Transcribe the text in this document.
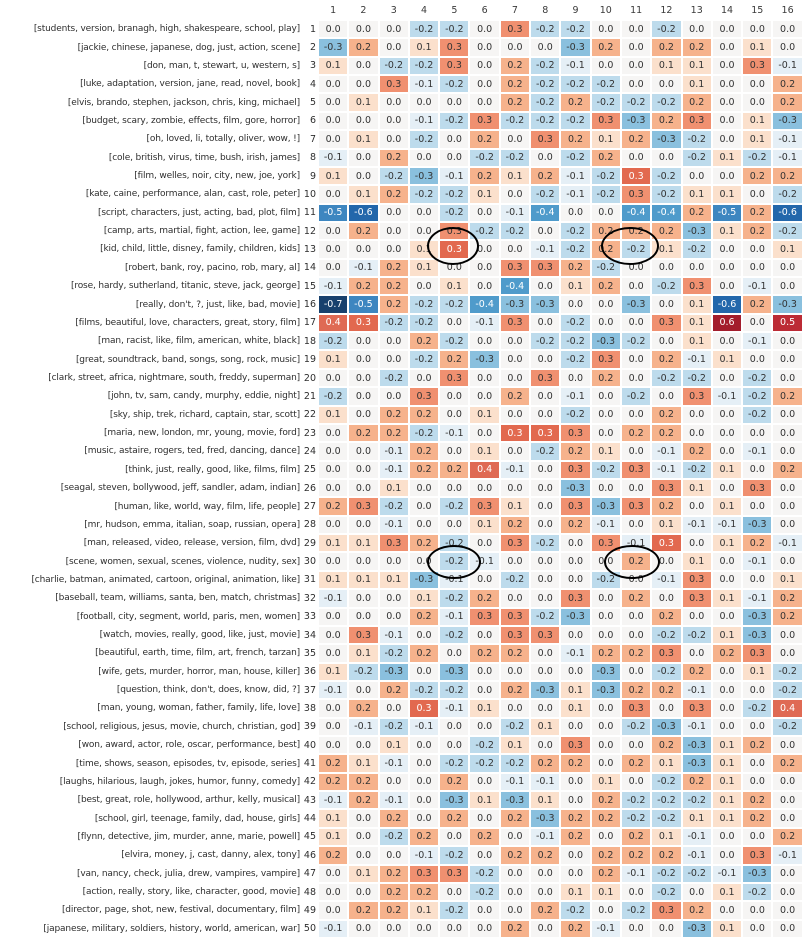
1	2	3	4	5	6	7	8	9	10	11	12	13	14	15	16
[students, version, branagh, high, shakespeare, school, play]	1	0.0	0.0	0.0	-0.2	-0.2	0.0	0.3	-0.2	-0.2	0.0	0.0	-0.2	0.0	0.0	0.0	0.0
[jackie, chinese, japanese, dog, just, action, scene]	2 -0.3	0.2	0.0	0.1	0.3	0.0	0.0	0.0	-0.3	0.2	0.0	0.2	0.2	0.0	0.1	0.0
[don, man, t, stewart, u, western, s]	3	0.1	0.0	-0.2	-0.2	0.3	0.0	0.2	-0.2	-0.1	0.0	0.0	0.1	0.1	0.0	0.3	-0.1
[luke, adaptation, version, jane, read, novel, book]	4	0.0	0.0	0.3	-0.1	-0.2	0.0	0.2	-0.2	-0.2	-0.2	0.0	0.0	0.1	0.0	0.0	0.2
[elvis, brando, stephen, jackson, chris, king, michael]	5	0.0	0.1	0.0	0.0	0.0	0.0	0.2	-0.2	0.2	-0.2	-0.2	-0.2	0.2	0.0	0.0	0.2
[budget, scary, zombie, effects, film, gore, horror]	6	0.0	0.0	0.0	-0.1	-0.2	0.3	-0.2	-0.2	-0.2	0.3	-0.3	0.2	0.3	0.0	0.1	-0.3
[oh, loved, li, totally, oliver, wow, !]	7	0.0	0.1	0.0	-0.2	0.0	0.2	0.0	0.3	0.2	0.1	0.2	-0.3	-0.2	0.0	0.1	-0.1
[cole, british, virus, time, bush, irish, james]	8 -0.1	0.0	0.2	0.0	0.0	-0.2	-0.2	0.0	-0.2	0.2	0.0	0.0	-0.2	0.1	-0.2	-0.1
[film, welles, noir, city, new, joe, york]	9	0.1	0.0	-0.2	-0.3	-0.1	0.2	0.1	0.2	-0.1	-0.2	0.3	-0.2	0.0	0.0	0.2	0.2
[kate, caine, performance, alan, cast, role, peter] 10	0.0	0.1	0.2	-0.2	-0.2	0.1	0.0	-0.2	-0.1	-0.2	0.3	-0.2	0.1	0.1	0.0	-0.2
[script, characters, just, acting, bad, plot, film] 11 -0.5	-0.6	0.0	0.0	-0.2	0.0	-0.1	-0.4	0.0	0.0	-0.4	-0.4	0.2	-0.5	0.2	-0.6
[camp, arts, martial, fight, action, lee, game] 12	0.0	0.2	0.0	0.0	0.3	-0.2	-0.2	0.0	-0.2	0.2	0.2	0.2	-0.3	0.1	0.2	-0.2
[kid, child, little, disney, family, children, kids] 13	0.0	0.0	0.0	0.1	0.3	0.0	0.0	-0.1	-0.2	0.2	-0.2	0.1	-0.2	0.0	0.0	0.1
[robert, bank, roy, pacino, rob, mary, al] 14	0.0	-0.1	0.2	0.1	0.0	0.0	0.3	0.3	0.2	-0.2	0.0	0.0	0.0	0.0	0.0	0.0
[rose, hardy, sutherland, titanic, steve, jack, george] 15 -0.1	0.2	0.2	0.0	0.1	0.0	-0.4	0.0	0.1	0.2	0.0	-0.2	0.3	0.0	-0.1	0.0
[really, don't, ?, just, like, bad, movie] 16 -0.7	-0.5	0.2	-0.2	-0.2	-0.4	-0.3	-0.3	0.0	0.0	-0.3	0.0	0.1	-0.6	0.2	-0.3
[films, beautiful, love, characters, great, story, film] 17	0.4	0.3	-0.2	-0.2	0.0	-0.1	0.3	0.0	-0.2	0.0	0.0	0.3	0.1	0.6	0.0	0.5
[man, racist, like, film, american, white, black] 18 -0.2	0.0	0.0	0.2	-0.2	0.0	0.0	-0.2	-0.2	-0.3	-0.2	0.0	0.1	0.0	-0.1	0.0
[great, soundtrack, band, songs, song, rock, music] 19	0.1	0.0	0.0	-0.2	0.2	-0.3	0.0	0.0	-0.2	0.3	0.0	0.2	-0.1	0.1	0.0	0.0
[clark, street, africa, nightmare, south, freddy, superman] 20	0.0	0.0	-0.2	0.0	0.3	0.0	0.0	0.3	0.0	0.2	0.0	-0.2	-0.2	0.0	-0.2	0.0
[john, tv, sam, candy, murphy, eddie, night] 21 -0.2	0.0	0.0	0.3	0.0	0.0	0.2	0.0	-0.1	0.0	-0.2	0.0	0.3	-0.1	-0.2	0.2
[sky, ship, trek, richard, captain, star, scott] 22	0.1	0.0	0.2	0.2	0.0	0.1	0.0	0.0	-0.2	0.0	0.0	0.2	0.0	0.0	-0.2	0.0
[maria, new, london, mr, young, movie, ford] 23	0.0	0.2	0.2	-0.2	-0.1	0.0	0.3	0.3	0.3	0.0	0.2	0.2	0.0	0.0	0.0	0.0
[music, astaire, rogers, ted, fred, dancing, dance] 24	0.0	0.0	-0.1	0.2	0.0	0.1	0.0	-0.2	0.2	0.1	0.0	-0.1	0.2	0.0	-0.1	0.0
[think, just, really, good, like, films, film] 25	0.0	0.0	-0.1	0.2	0.2	0.4	-0.1	0.0	0.3	-0.2	0.3	-0.1	-0.2	0.1	0.0	0.2
[seagal, steven, bollywood, jeff, sandler, adam, indian] 26	0.0	0.0	0.1	0.0	0.0	0.0	0.0	0.0	-0.3	0.0	0.0	0.3	0.1	0.0	0.3	0.0
[human, like, world, way, film, life, people] 27	0.2	0.3	-0.2	0.0	-0.2	0.3	0.1	0.0	0.3	-0.3	0.3	0.2	0.0	0.1	0.0	0.0
[mr, hudson, emma, italian, soap, russian, opera] 28	0.0	0.0	-0.1	0.0	0.0	0.1	0.2	0.0	0.2	-0.1	0.0	0.1	-0.1	-0.1	-0.3	0.0
[man, released, video, release, version, film, dvd] 29	0.1	0.1	0.3	0.2	-0.2	0.0	0.3	-0.2	0.0	0.3	-0.1	0.3	0.0	0.1	0.2	-0.1
[scene, women, sexual, scenes, violence, nudity, sex] 30	0.0	0.0	0.0	0.0	-0.2	-0.1	0.0	0.0	0.0	0.0	0.2	0.0	0.1	0.0	-0.1	0.0
[charlie, batman, animated, cartoon, original, animation, like] 31	0.1	0.1	0.1	-0.3	-0.1	0.0	-0.2	0.0	0.0	-0.2	0.0	-0.1	0.3	0.0	0.0	0.1
[baseball, team, williams, santa, ben, match, christmas] 32 -0.1	0.0	0.0	0.1	-0.2	0.2	0.0	0.0	0.3	0.0	0.2	0.0	0.3	0.1	-0.1	0.2
[football, city, segment, world, paris, men, women] 33	0.0	0.0	0.0	0.2	-0.1	0.3	0.3	-0.2	-0.3	0.0	0.0	0.2	0.0	0.0	-0.3	0.2
[watch, movies, really, good, like, just, movie] 34	0.0	0.3	-0.1	0.0	-0.2	0.0	0.3	0.3	0.0	0.0	0.0	-0.2	-0.2	0.1	-0.3	0.0
[beautiful, earth, time, film, art, french, tarzan] 35	0.0	0.1	-0.2	0.2	0.0	0.2	0.2	0.0	-0.1	0.2	0.2	0.3	0.0	0.2	0.3	0.0
[wife, gets, murder, horror, man, house, killer] 36	0.1	-0.2	-0.3	0.0	-0.3	0.0	0.0	0.0	0.0	-0.3	0.0	-0.2	0.2	0.0	0.1	-0.2
[question, think, don't, does, know, did, ?] 37 -0.1	0.0	0.2	-0.2	-0.2	0.0	0.2	-0.3	0.1	-0.3	0.2	0.2	-0.1	0.0	0.0	-0.2
[man, young, woman, father, family, life, love] 38	0.0	0.2	0.0	0.3	-0.1	0.1	0.0	0.0	0.1	0.0	0.3	0.0	0.3	0.0	-0.2	0.4
[school, religious, jesus, movie, church, christian, god] 39	0.0	-0.1	-0.2	-0.1	0.0	0.0	-0.2	0.1	0.0	0.0	-0.2	-0.3	-0.1	0.0	0.0	-0.2
[won, award, actor, role, oscar, performance, best] 40	0.0	0.0	0.1	0.0	0.0	-0.2	0.1	0.0	0.3	0.0	0.0	0.2	-0.3	0.1	0.2	0.0
[time, shows, season, episodes, tv, episode, series] 41	0.2	0.1	-0.1	0.0	-0.2	-0.2	-0.2	0.2	0.2	0.0	0.2	0.1	-0.3	0.1	0.0	0.2
[laughs, hilarious, laugh, jokes, humor, funny, comedy] 42	0.2	0.2	0.0	0.0	0.2	0.0	-0.1	-0.1	0.0	0.1	0.0	-0.2	0.2	0.1	0.0	0.0
[best, great, role, hollywood, arthur, kelly, musical] 43 -0.1	0.2	-0.1	0.0	-0.3	0.1	-0.3	0.1	0.0	0.2	-0.2	-0.2	-0.2	0.1	0.2	0.0
[school, girl, teenage, family, dad, house, girls] 44	0.1	0.0	0.2	0.0	0.2	0.0	0.2	-0.3	0.2	0.2	-0.2	-0.2	0.1	0.1	0.2	0.0
[flynn, detective, jim, murder, anne, marie, powell] 45	0.1	0.0	-0.2	0.2	0.0	0.2	0.0	-0.1	0.2	0.0	0.2	0.1	-0.1	0.0	0.0	0.2
[elvira, money, j, cast, danny, alex, tony] 46	0.2	0.0	0.0	-0.1	-0.2	0.0	0.2	0.2	0.0	0.2	0.2	0.2	-0.1	0.0	0.3	-0.1
[van, nancy, check, julia, drew, vampires, vampire] 47	0.0	0.1	0.2	0.3	0.3	-0.2	0.0	0.0	0.0	0.2	-0.1	-0.2	-0.2	-0.1	-0.3	0.0
[action, really, story, like, character, good, movie] 48	0.0	0.0	0.2	0.2	0.0	-0.2	0.0	0.0	0.1	0.1	0.0	-0.2	0.0	0.1	-0.2	0.0
[director, page, shot, new, festival, documentary, film] 49	0.0	0.2	0.2	0.1	-0.2	0.0	0.0	0.2	-0.2	0.0	-0.2	0.3	0.2	0.0	0.0	0.0
[japanese, military, soldiers, history, world, american, war] 50 -0.1	0.0	0.0	0.0	0.0	0.0	0.2	0.0	0.2	-0.1	0.0	0.0	-0.3	0.1	0.0	0.0
